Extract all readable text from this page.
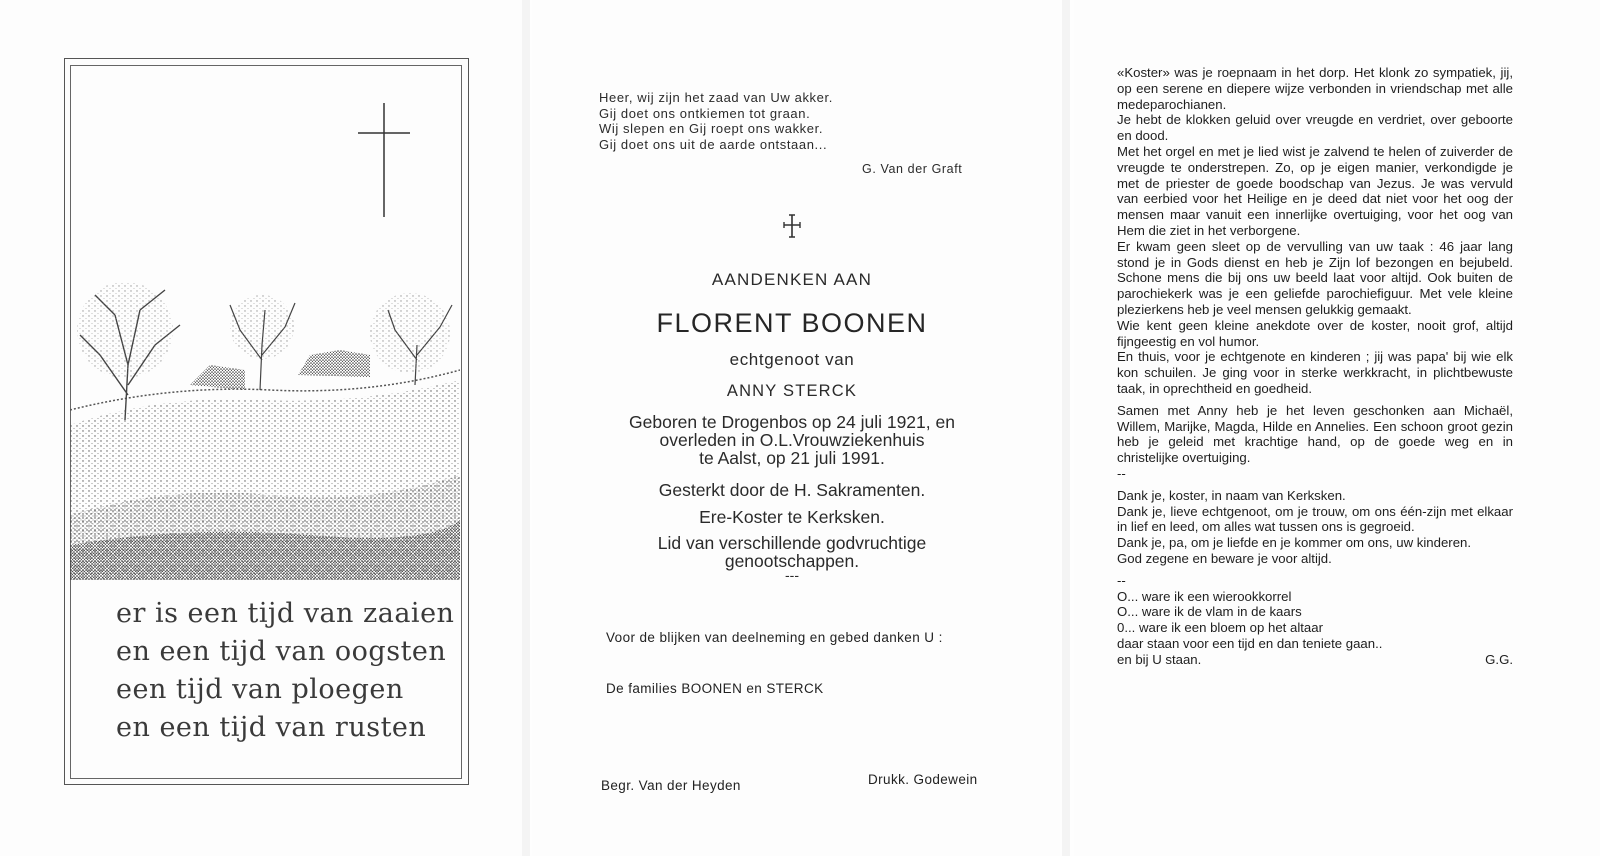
er is een tijd van zaaien
en een tijd van oogsten
een tijd van ploegen
en een tijd van rusten
Heer, wij zijn het zaad van Uw akker.
Gij doet ons ontkiemen tot graan.
Wij slepen en Gij roept ons wakker.
Gij doet ons uit de aarde ontstaan...
G. Van der Graft
AANDENKEN AAN
FLORENT BOONEN
echtgenoot van
ANNY STERCK
Geboren te Drogenbos op 24 juli 1921, en
overleden in O.L.Vrouwziekenhuis
te Aalst, op 21 juli 1991.
Gesterkt door de H. Sakramenten.
Ere-Koster te Kerksken.
Lid van verschillende godvruchtige
genootschappen.
---
Voor de blijken van deelneming en gebed danken U :
De families BOONEN en STERCK
Begr. Van der Heyden	Drukk. Godewein

«Koster» was je roepnaam in het dorp. Het klonk zo sympatiek, jij, op een serene en diepere wijze verbonden in vriendschap met alle medeparochianen.

Je hebt de klokken geluid over vreugde en verdriet, over geboorte en dood.

Met het orgel en met je lied wist je zalvend te helen of zuiverder de vreugde te onderstrepen. Zo, op je eigen manier, verkondigde je met de priester de goede boodschap van Jezus. Je was vervuld van eerbied voor het Heilige en je deed dat niet voor het oog der mensen maar vanuit een innerlijke overtuiging, voor het oog van Hem die ziet in het verborgene.

Er kwam geen sleet op de vervulling van uw taak : 46 jaar lang stond je in Gods dienst en heb je Zijn lof bezongen en bejubeld. Schone mens die bij ons uw beeld laat voor altijd. Ook buiten de parochiekerk was je een geliefde parochiefiguur. Met vele kleine plezierkens heb je veel mensen gelukkig gemaakt.

Wie kent geen kleine anekdote over de koster, nooit grof, altijd fijngeestig en vol humor.

En thuis, voor je echtgenote en kinderen ; jij was papa' bij wie elk kon schuilen. Je ging voor in sterke werkkracht, in plichtbewuste taak, in oprechtheid en goedheid.

Samen met Anny heb je het leven geschonken aan Michaël, Willem, Marijke, Magda, Hilde en Annelies. Een schoon groot gezin heb je geleid met krachtige hand, op de goede weg en in christelijke overtuiging.

--

Dank je, koster, in naam van Kerksken.

Dank je, lieve echtgenoot, om je trouw, om ons één-zijn met elkaar in lief en leed, om alles wat tussen ons is gegroeid.

Dank je, pa, om je liefde en je kommer om ons, uw kinderen.

God zegene en beware je voor altijd.

--

O... ware ik een wierookkorrel

O... ware ik de vlam in de kaars

0... ware ik een bloem op het altaar

daar staan voor een tijd en dan teniete gaan..

en bij U staan.	G.G.
